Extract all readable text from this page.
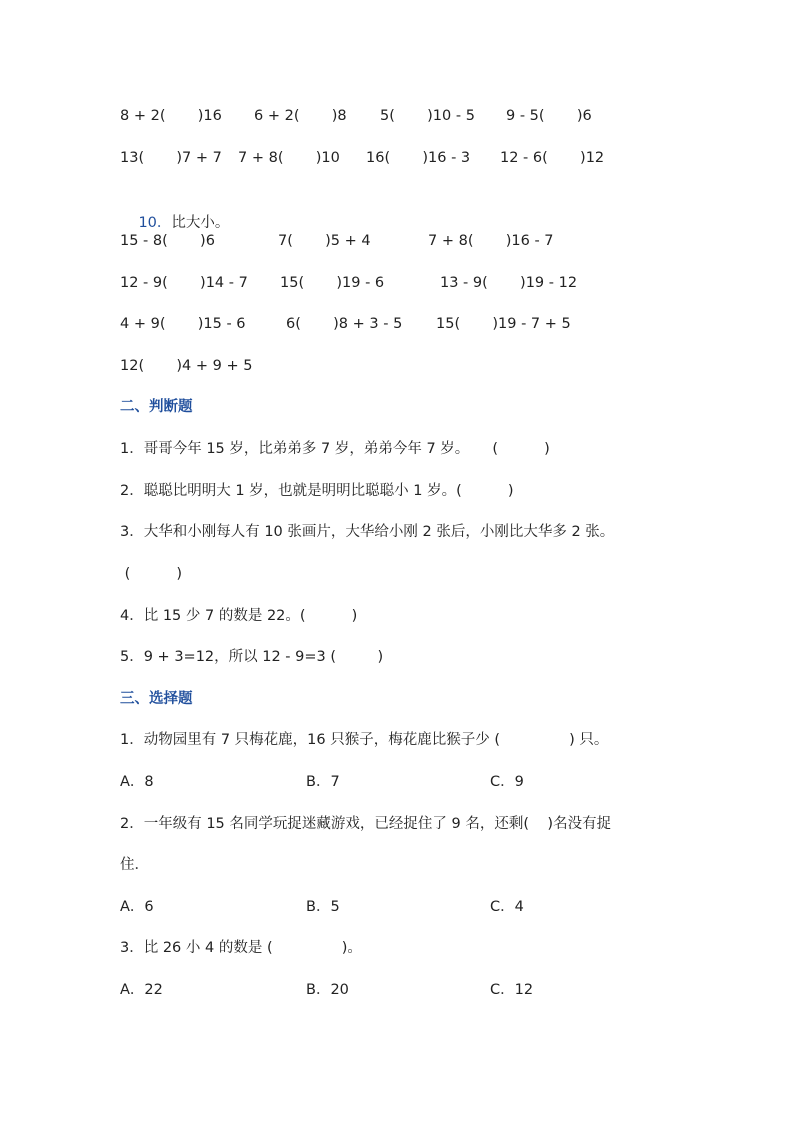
8 + 2(       )16

6 + 2(       )8

5(       )10 - 5

9 - 5(       )6

13(       )7 + 7

7 + 8(       )10

16(       )16 - 3

12 - 6(       )12

10．比大小。

15 - 8(       )6

	7(       )5 + 4

	7 + 8(       )16 - 7

12 - 9(       )14 - 7

15(       )19 - 6

	13 - 9(       )19 - 12

4 + 9(       )15 - 6

	6(       )8 + 3 - 5

15(       )19 - 7 + 5

12(       )4 + 9 + 5

二、判断题
1．哥哥今年 15 岁，比弟弟多 7 岁，弟弟今年 7 岁。     (          )
2．聪聪比明明大 1 岁，也就是明明比聪聪小 1 岁。(          )
3．大华和小刚每人有 10 张画片，大华给小刚 2 张后，小刚比大华多 2 张。
(          )
4．比 15 少 7 的数是 22。(          )
5．9 + 3=12，所以 12 - 9=3 (         )
三、选择题
1．动物园里有 7 只梅花鹿，16 只猴子，梅花鹿比猴子少 (               ) 只。

A．8

	B．7

	C．9

2．一年级有 15 名同学玩捉迷藏游戏，已经捉住了 9 名，还剩(    )名没有捉
住．

A．6

	B．5

	C．4

3．比 26 小 4 的数是 (               )。

A．22

	B．20

	C．12
